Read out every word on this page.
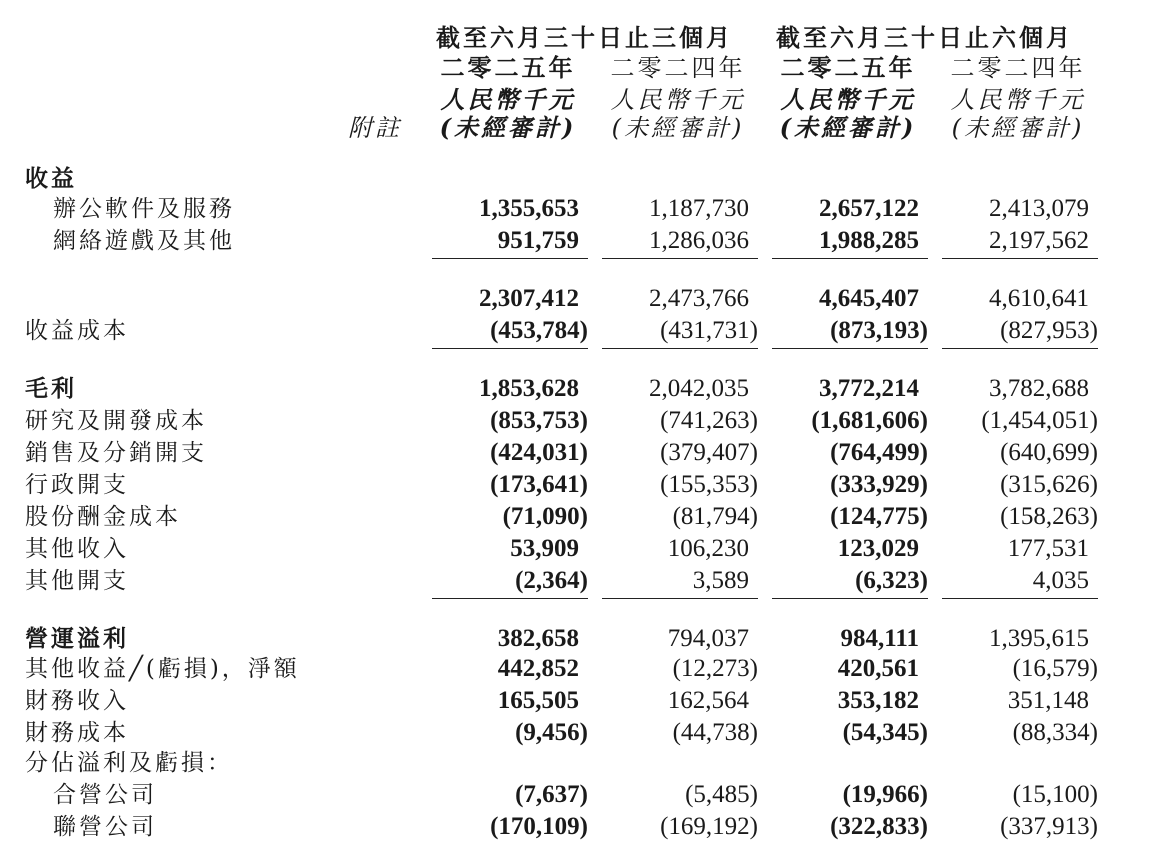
截至六月三十日止三個月 截至六月三十日止六個月
二零二五年 二零二四年 二零二五年 二零二四年
人民幣千元 人民幣千元 人民幣千元 人民幣千元
附註 (未經審計) (未經審計) (未經審計) (未經審計)
收益
辦公軟件及服務	1,355,653	1,187,730	2,657,122	2,413,079
網絡遊戲及其他	951,759	1,286,036	1,988,285	2,197,562
2,307,412	2,473,766	4,645,407	4,610,641
收益成本	(453,784)	(431,731)	(873,193)	(827,953)
毛利	1,853,628	2,042,035	3,772,214	3,782,688
研究及開發成本	(853,753)	(741,263)	(1,681,606)	(1,454,051)
銷售及分銷開支	(424,031)	(379,407)	(764,499)	(640,699)
行政開支	(173,641)	(155,353)	(333,929)	(315,626)
股份酬金成本	(71,090)	(81,794)	(124,775)	(158,263)
其他收入	53,909	106,230	123,029	177,531
其他開支	(2,364)	3,589	(6,323)	4,035
營運溢利	382,658	794,037	984,111	1,395,615
其他收益╱(虧損)，淨額	442,852	(12,273)	420,561	(16,579)
財務收入	165,505	162,564	353,182	351,148
財務成本	(9,456)	(44,738)	(54,345)	(88,334)
分佔溢利及虧損：
合營公司	(7,637)	(5,485)	(19,966)	(15,100)
聯營公司	(170,109)	(169,192)	(322,833)	(337,913)
